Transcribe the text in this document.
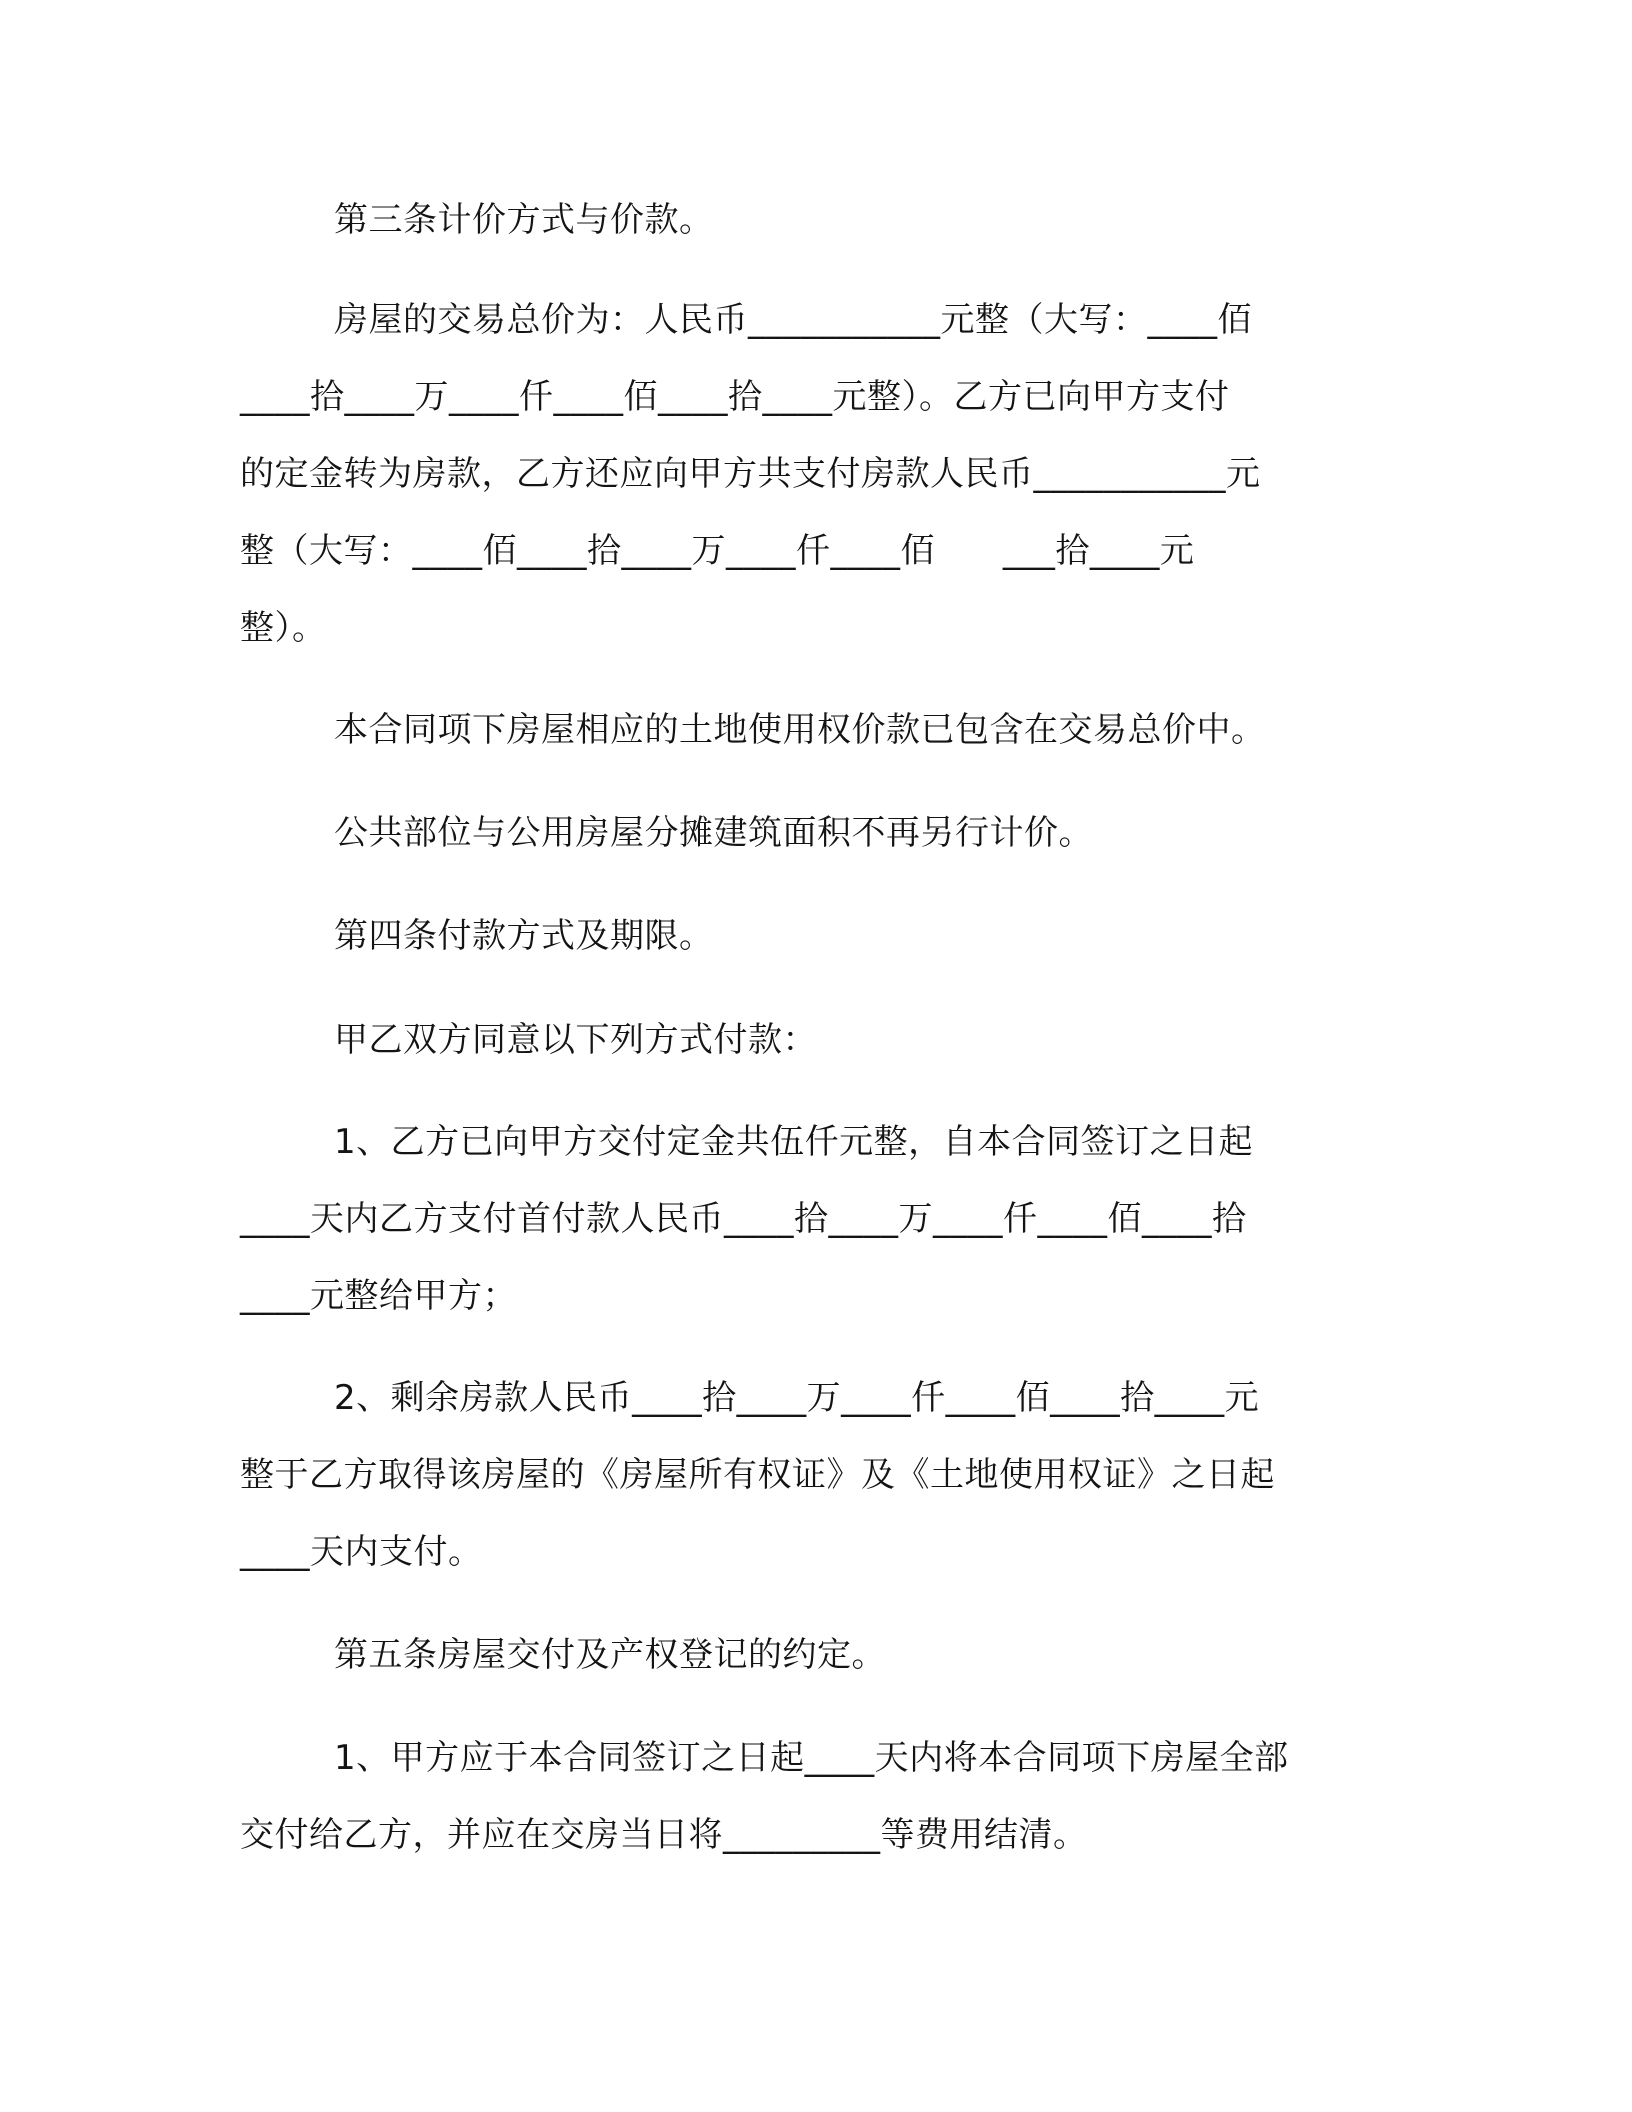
第三条计价方式与价款。

房屋的交易总价为：人民币___________元整（大写：____佰

____拾____万____仟____佰____拾____元整）。乙方已向甲方支付

的定金转为房款，乙方还应向甲方共支付房款人民币___________元

整（大写：____佰____拾____万____仟____佰      ___拾____元

整）。

本合同项下房屋相应的土地使用权价款已包含在交易总价中。

公共部位与公用房屋分摊建筑面积不再另行计价。

第四条付款方式及期限。

甲乙双方同意以下列方式付款：

1、乙方已向甲方交付定金共伍仟元整，自本合同签订之日起

____天内乙方支付首付款人民币____拾____万____仟____佰____拾

____元整给甲方；

2、剩余房款人民币____拾____万____仟____佰____拾____元

整于乙方取得该房屋的《房屋所有权证》及《土地使用权证》之日起

____天内支付。

第五条房屋交付及产权登记的约定。

1、甲方应于本合同签订之日起____天内将本合同项下房屋全部

交付给乙方，并应在交房当日将_________等费用结清。
